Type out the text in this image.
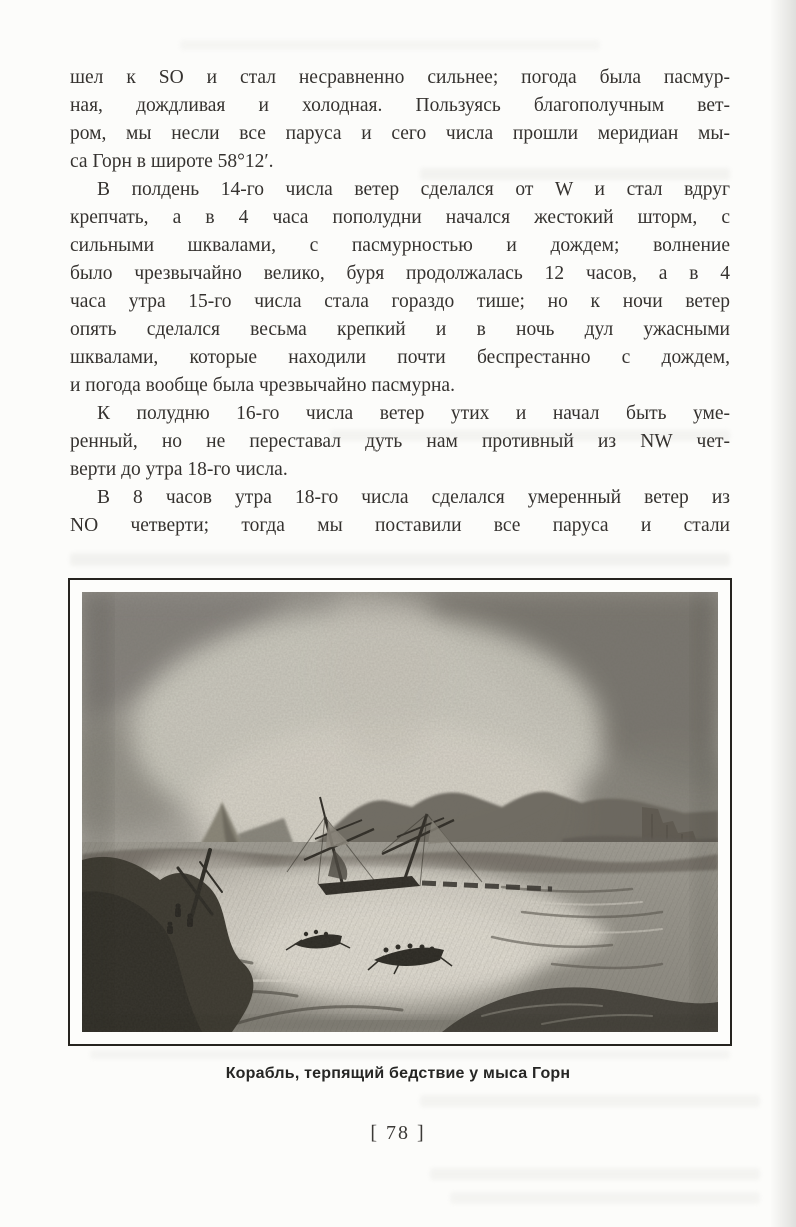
шел к SO и стал несравненно сильнее; погода была пасмур-
ная, дождливая и холодная. Пользуясь благополучным вет-
ром, мы несли все паруса и сего числа прошли меридиан мы-
са Горн в широте 58°12′.
В полдень 14-го числа ветер сделался от W и стал вдруг
крепчать, а в 4 часа пополудни начался жестокий шторм, с
сильными шквалами, с пасмурностью и дождем; волнение
было чрезвычайно велико, буря продолжалась 12 часов, а в 4
часа утра 15-го числа стала гораздо тише; но к ночи ветер
опять сделался весьма крепкий и в ночь дул ужасными
шквалами, которые находили почти беспрестанно с дождем,
и погода вообще была чрезвычайно пасмурна.
К полудню 16-го числа ветер утих и начал быть уме-
ренный, но не переставал дуть нам противный из NW чет-
верти до утра 18-го числа.
В 8 часов утра 18-го числа сделался умеренный ветер из
NO четверти; тогда мы поставили все паруса и стали
Корабль, терпящий бедствие у мыса Горн
[ 78 ]
